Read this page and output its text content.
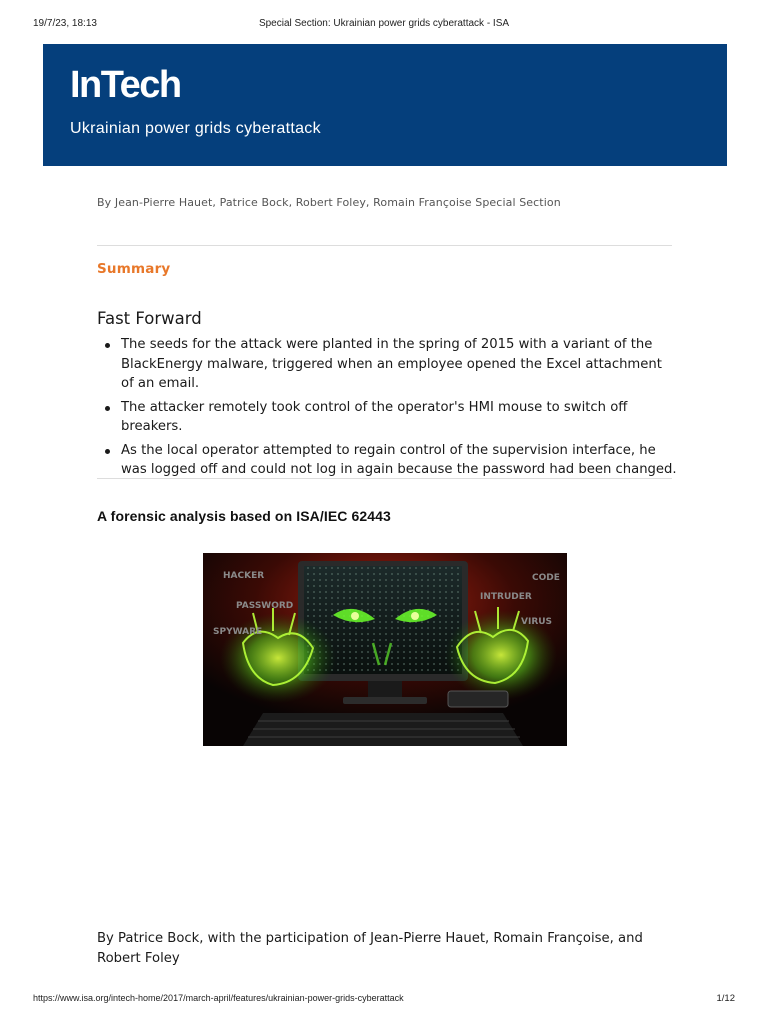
19/7/23, 18:13	Special Section: Ukrainian power grids cyberattack - ISA
InTech
Ukrainian power grids cyberattack
By Jean-Pierre Hauet, Patrice Bock, Robert Foley, Romain Françoise Special Section
Summary
Fast Forward
The seeds for the attack were planted in the spring of 2015 with a variant of the BlackEnergy malware, triggered when an employee opened the Excel attachment of an email.
The attacker remotely took control of the operator's HMI mouse to switch off breakers.
As the local operator attempted to regain control of the supervision interface, he was logged off and could not log in again because the password had been changed.
A forensic analysis based on ISA/IEC 62443
HACKER
PASSWORD
SPYWARE
CODE
INTRUDER
VIRUS
By Patrice Bock, with the participation of Jean-Pierre Hauet, Romain Françoise, and Robert Foley
https://www.isa.org/intech-home/2017/march-april/features/ukrainian-power-grids-cyberattack	1/12
